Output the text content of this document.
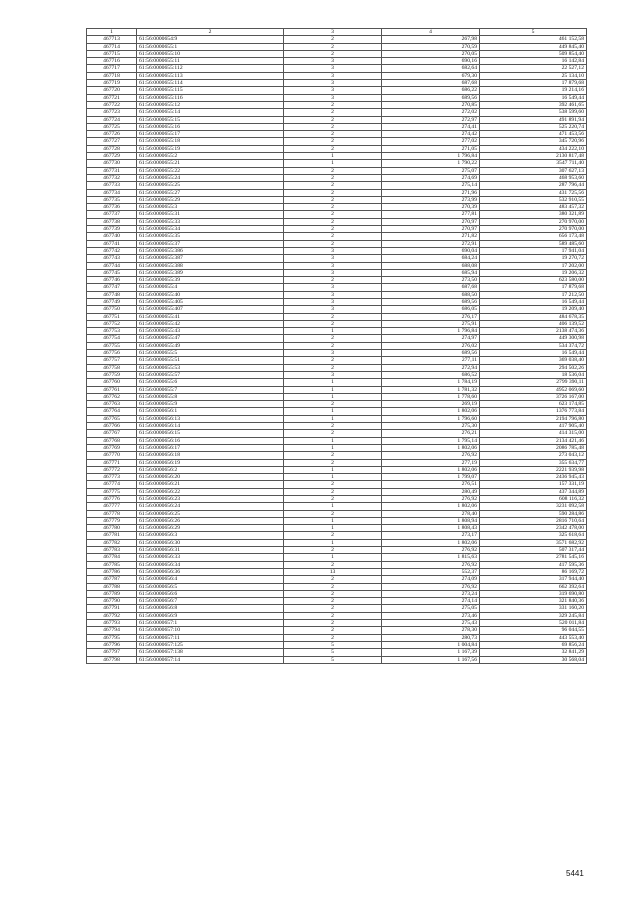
1	2	3	4	5
467713	61:56:0000654:9	2	267,98	461 152,58
467714	61:56:0000655:1	2	270,59	449 845,40
467715	61:56:0000655:10	2	270,05	509 854,40
467716	61:56:0000655:11	3	690,16	16 142,84
467717	61:56:0000655:112	3	682,64	22 527,12
467718	61:56:0000655:113	3	679,30	25 134,10
467719	61:56:0000655:114	3	687,68	17 879,68
467720	61:56:0000655:115	3	686,22	19 214,16
467721	61:56:0000655:116	3	689,56	16 549,44
467722	61:56:0000655:12	2	270,85	392 461,65
467723	61:56:0000655:14	2	272,02	538 599,60
467724	61:56:0000655:15	2	272,97	491 891,94
467725	61:56:0000655:16	2	274,41	525 220,74
467726	61:56:0000655:17	2	274,42	471 453,56
467727	61:56:0000655:18	2	277,02	345 720,96
467728	61:56:0000655:19	2	271,05	434 222,10
467729	61:56:0000655:2	1	1 796,84	2130 817,48
467730	61:56:0000655:21	1	1 790,22	3547 711,40
467731	61:56:0000655:22	2	275,07	307 627,13
467732	61:56:0000655:24	2	274,69	468 953,60
467733	61:56:0000655:25	2	275,14	287 796,44
467734	61:56:0000655:27	2	271,96	431 725,56
467735	61:56:0000655:29	2	273,99	532 910,55
467736	61:56:0000655:3	2	270,39	483 457,32
467737	61:56:0000655:31	2	277,81	380 321,89
467738	61:56:0000655:33	2	270,97	270 970,00
467739	61:56:0000655:34	2	270,97	270 970,00
467740	61:56:0000655:35	2	271,82	656 173,48
467741	61:56:0000655:37	2	272,91	589 485,60
467742	61:56:0000655:386	3	690,04	17 941,04
467743	61:56:0000655:387	3	684,24	19 270,72
467744	61:56:0000655:388	3	688,08	17 202,00
467745	61:56:0000655:389	3	685,94	19 206,32
467746	61:56:0000655:39	2	273,50	623 580,00
467747	61:56:0000655:4	3	687,68	17 879,68
467748	61:56:0000655:40	3	688,50	17 212,50
467749	61:56:0000655:405	3	689,56	16 549,44
467750	61:56:0000655:407	3	686,05	19 209,40
467751	61:56:0000655:41	2	276,17	484 678,35
467752	61:56:0000655:42	2	275,91	406 139,52
467753	61:56:0000655:43	1	1 796,84	2138 474,36
467754	61:56:0000655:47	2	274,97	449 300,98
467755	61:56:0000655:49	2	276,02	534 374,72
467756	61:56:0000655:5	3	689,56	16 549,44
467757	61:56:0000655:51	2	277,11	369 038,40
467758	61:56:0000655:53	2	272,94	294 502,26
467759	61:56:0000655:57	3	686,52	18 536,04
467760	61:56:0000655:6	1	1 784,19	2799 390,11
467761	61:56:0000655:7	1	1 781,32	4952 069,60
467762	61:56:0000655:8	1	1 778,60	3726 167,00
467763	61:56:0000655:9	2	269,19	623 174,85
467764	61:56:0000656:1	1	1 802,06	1376 773,84
467765	61:56:0000656:13	1	1 796,60	2194 796,80
467766	61:56:0000656:14	2	275,30	417 905,40
467767	61:56:0000656:15	2	276,21	414 315,00
467768	61:56:0000656:16	1	1 795,14	2134 421,46
467769	61:56:0000656:17	1	1 802,06	2086 785,48
467770	61:56:0000656:18	2	276,92	273 043,12
467771	61:56:0000656:19	2	277,19	355 634,77
467772	61:56:0000656:2	1	1 802,06	2221 939,98
467773	61:56:0000656:20	1	1 799,07	2436 945,43
467774	61:56:0000656:21	2	276,51	157 331,19
467775	61:56:0000656:22	2	280,49	437 344,89
467776	61:56:0000656:23	2	276,92	608 116,32
467777	61:56:0000656:24	1	1 802,06	3231 092,58
467778	61:56:0000656:25	2	278,40	590 284,86
467779	61:56:0000656:26	1	1 808,94	2816 710,64
467780	61:56:0000656:29	1	1 808,43	2342 478,00
467781	61:56:0000656:3	2	273,17	325 618,64
467782	61:56:0000656:30	1	1 802,06	3571 682,92
467783	61:56:0000656:31	2	276,92	507 317,44
467784	61:56:0000656:33	1	1 815,63	2781 545,16
467785	61:56:0000656:34	2	276,92	417 595,36
467786	61:56:0000656:36	13	552,37	86 169,72
467787	61:56:0000656:4	2	274,09	317 944,40
467788	61:56:0000656:5	2	276,92	662 392,64
467789	61:56:0000656:6	2	273,24	319 690,80
467790	61:56:0000656:7	2	274,14	321 840,36
467791	61:56:0000656:8	2	275,05	331 160,20
467792	61:56:0000656:9	2	273,46	329 245,84
467793	61:56:0000657:1	2	275,43	520 011,84
467794	61:56:0000657:10	2	278,30	96 044,55
467795	61:56:0000657:11	2	280,73	443 553,40
467796	61:56:0000657:125	5	1 004,84	69 856,24
467797	61:56:0000657:138	5	1 167,39	32 841,29
467798	61:56:0000657:14	5	1 167,56	30 568,04
5441
